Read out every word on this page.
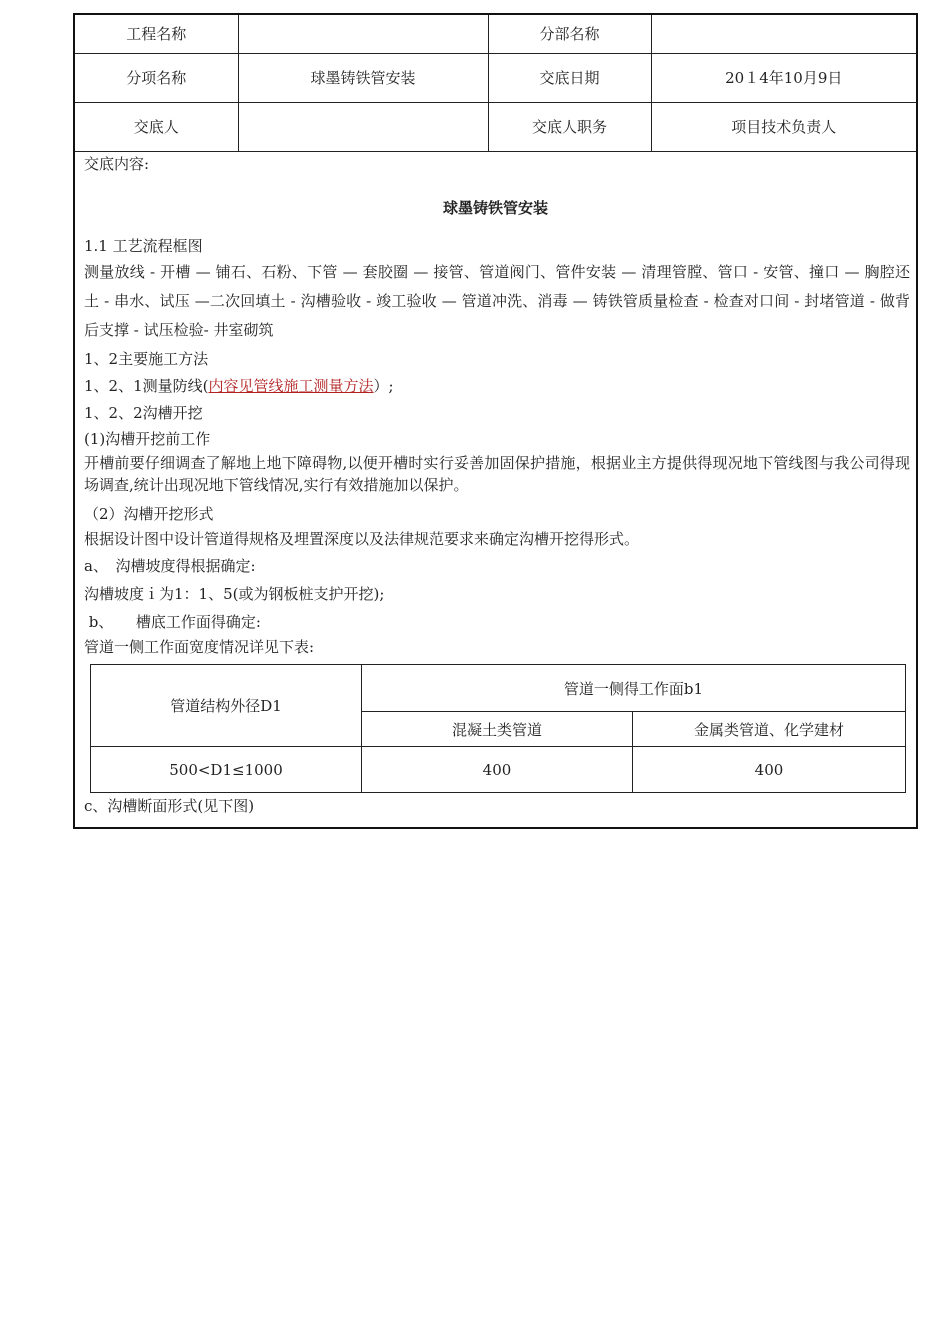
工程名称		分部名称	
分项名称	球墨铸铁管安装	交底日期	20１4年10月9日
交底人		交底人职务	项目技术负责人
交底内容:
球墨铸铁管安装
1.1 工艺流程框图
测量放线 - 开槽 — 铺石、石粉、下管 — 套胶圈 — 接管、管道阀门、管件安装 — 清理管膛、管口 - 安管、撞口 — 胸腔还土 - 串水、试压 —二次回填土 - 沟槽验收 - 竣工验收 — 管道冲洗、消毒 — 铸铁管质量检查 - 检查对口间 - 封堵管道 - 做背后支撑 - 试压检验- 井室砌筑
1、2主要施工方法
1、2、1测量防线(内容见管线施工测量方法）;
1、2、2沟槽开挖
(1)沟槽开挖前工作
开槽前要仔细调查了解地上地下障碍物,以便开槽时实行妥善加固保护措施，根据业主方提供得现况地下管线图与我公司得现场调查,统计出现况地下管线情况,实行有效措施加以保护。
（2）沟槽开挖形式
根据设计图中设计管道得规格及埋置深度以及法律规范要求来确定沟槽开挖得形式。
a、　沟槽坡度得根据确定:
沟槽坡度ｉ为1：1、5(或为钢板桩支护开挖);
b、　　槽底工作面得确定:
管道一侧工作面宽度情况详见下表:
管道结构外径D1	管道一侧得工作面b1	
	混凝土类管道	金属类管道、化学建材
500<D1≤1000	400	400
c、沟槽断面形式(见下图)
